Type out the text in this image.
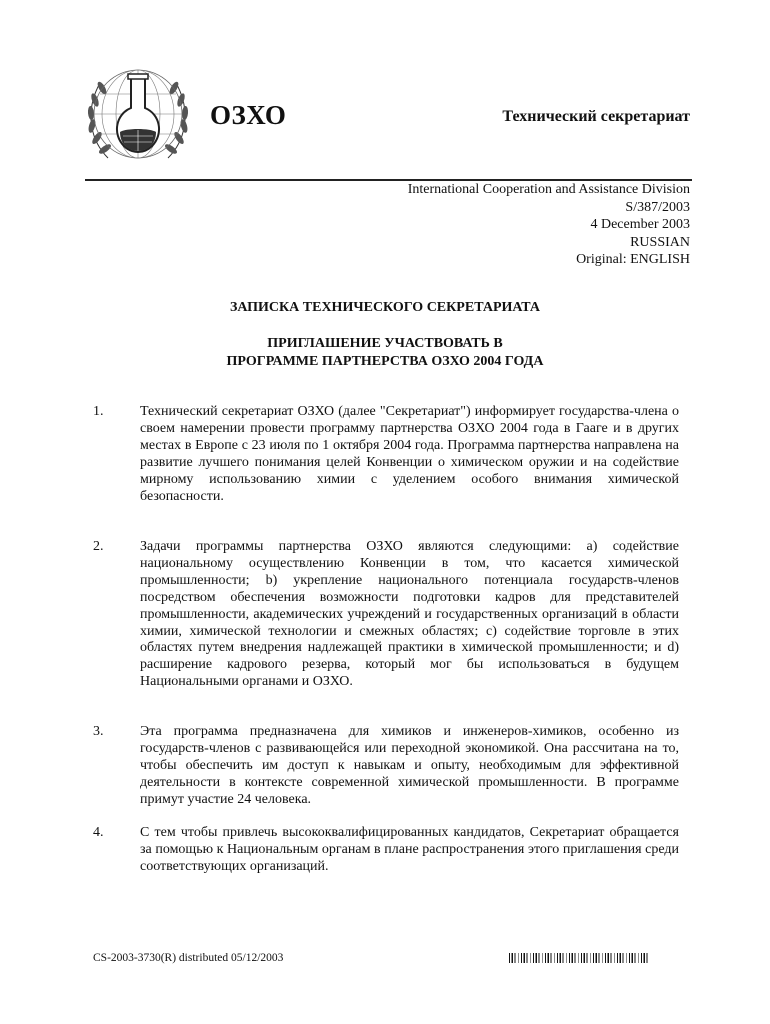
ОЗХО	Технический секретариат
International Cooperation and Assistance Division
S/387/2003
4 December 2003
RUSSIAN
Original: ENGLISH
ЗАПИСКА ТЕХНИЧЕСКОГО СЕКРЕТАРИАТА
ПРИГЛАШЕНИЕ УЧАСТВОВАТЬ В
ПРОГРАММЕ ПАРТНЕРСТВА ОЗХО 2004 ГОДА
1.	Технический секретариат ОЗХО (далее "Секретариат") информирует государства-члена о своем намерении провести программу партнерства ОЗХО 2004 года в Гааге и в других местах в Европе с 23 июля по 1 октября 2004 года. Программа партнерства направлена на развитие лучшего понимания целей Конвенции о химическом оружии и на содействие мирному использованию химии с уделением особого внимания химической безопасности.
2.	Задачи программы партнерства ОЗХО являются следующими: a) содействие национальному осуществлению Конвенции в том, что касается химической промышленности; b) укрепление национального потенциала государств-членов посредством обеспечения возможности подготовки кадров для представителей промышленности, академических учреждений и государственных организаций в области химии, химической технологии и смежных областях; c) содействие торговле в этих областях путем внедрения надлежащей практики в химической промышленности; и d) расширение кадрового резерва, который мог бы использоваться в будущем Национальными органами и ОЗХО.
3.	Эта программа предназначена для химиков и инженеров-химиков, особенно из государств-членов с развивающейся или переходной экономикой. Она рассчитана на то, чтобы обеспечить им доступ к навыкам и опыту, необходимым для эффективной деятельности в контексте современной химической промышленности. В программе примут участие 24 человека.
4.	С тем чтобы привлечь высококвалифицированных кандидатов, Секретариат обращается за помощью к Национальным органам в плане распространения этого приглашения среди соответствующих организаций.
CS-2003-3730(R) distributed 05/12/2003
